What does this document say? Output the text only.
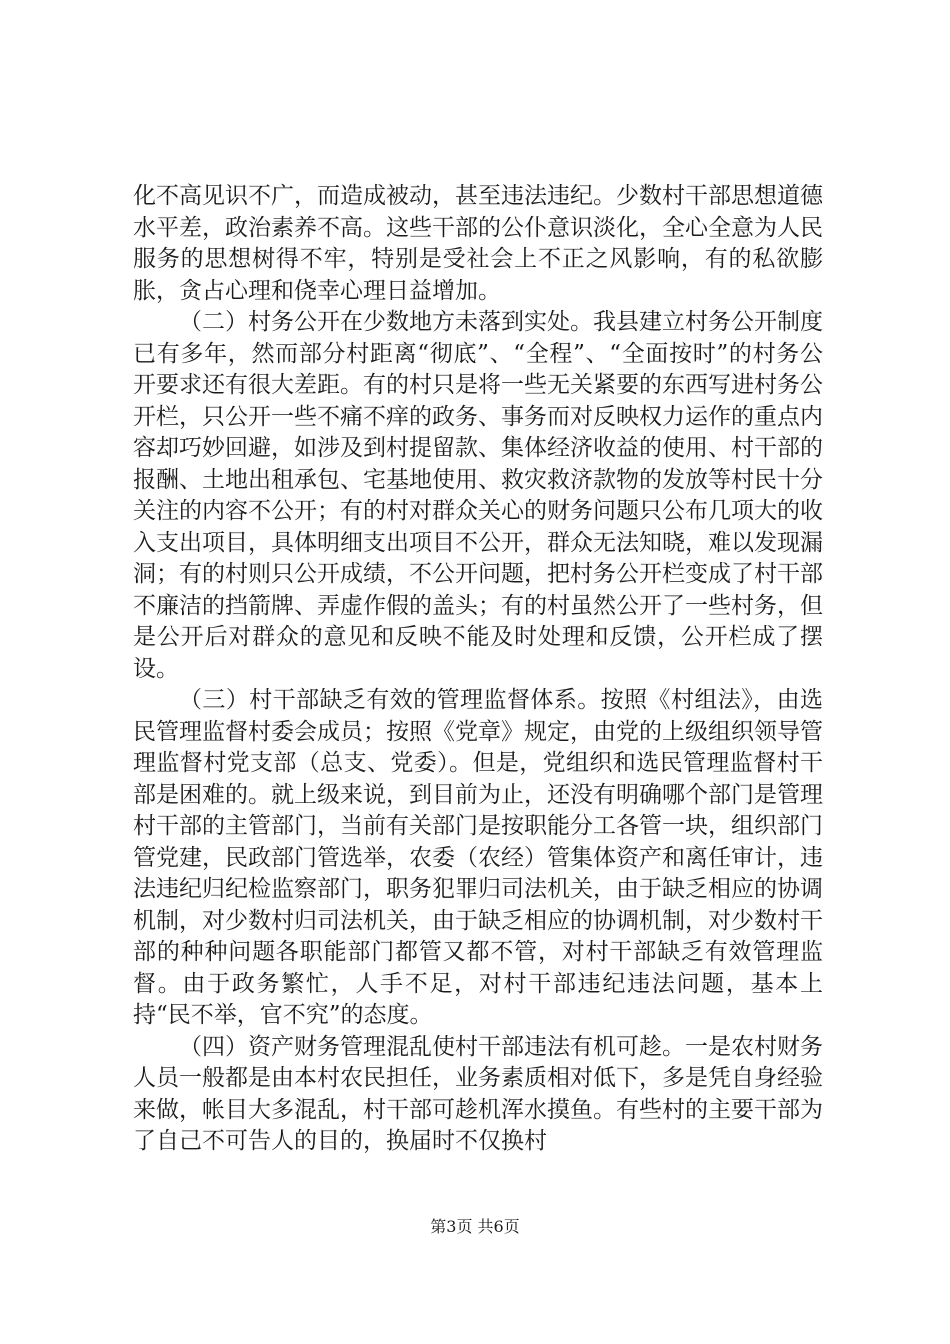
化不高见识不广，而造成被动，甚至违法违纪。少数村干部思想道德水平差，政治素养不高。这些干部的公仆意识淡化，全心全意为人民服务的思想树得不牢，特别是受社会上不正之风影响，有的私欲膨胀，贪占心理和侥幸心理日益增加。

（二）村务公开在少数地方未落到实处。我县建立村务公开制度已有多年，然而部分村距离“彻底”、“全程”、“全面按时”的村务公开要求还有很大差距。有的村只是将一些无关紧要的东西写进村务公开栏，只公开一些不痛不痒的政务、事务而对反映权力运作的重点内容却巧妙回避，如涉及到村提留款、集体经济收益的使用、村干部的报酬、土地出租承包、宅基地使用、救灾救济款物的发放等村民十分关注的内容不公开；有的村对群众关心的财务问题只公布几项大的收入支出项目，具体明细支出项目不公开，群众无法知晓，难以发现漏洞；有的村则只公开成绩，不公开问题，把村务公开栏变成了村干部不廉洁的挡箭牌、弄虚作假的盖头；有的村虽然公开了一些村务，但是公开后对群众的意见和反映不能及时处理和反馈，公开栏成了摆设。

（三）村干部缺乏有效的管理监督体系。按照《村组法》，由选民管理监督村委会成员；按照《党章》规定，由党的上级组织领导管理监督村党支部（总支、党委）。但是，党组织和选民管理监督村干部是困难的。就上级来说，到目前为止，还没有明确哪个部门是管理村干部的主管部门，当前有关部门是按职能分工各管一块，组织部门管党建，民政部门管选举，农委（农经）管集体资产和离任审计，违法违纪归纪检监察部门，职务犯罪归司法机关，由于缺乏相应的协调机制，对少数村归司法机关，由于缺乏相应的协调机制，对少数村干部的种种问题各职能部门都管又都不管，对村干部缺乏有效管理监督。由于政务繁忙，人手不足，对村干部违纪违法问题，基本上持“民不举，官不究”的态度。

（四）资产财务管理混乱使村干部违法有机可趁。一是农村财务人员一般都是由本村农民担任，业务素质相对低下，多是凭自身经验来做，帐目大多混乱，村干部可趁机浑水摸鱼。有些村的主要干部为了自己不可告人的目的，换届时不仅换村

第3页 共6页
